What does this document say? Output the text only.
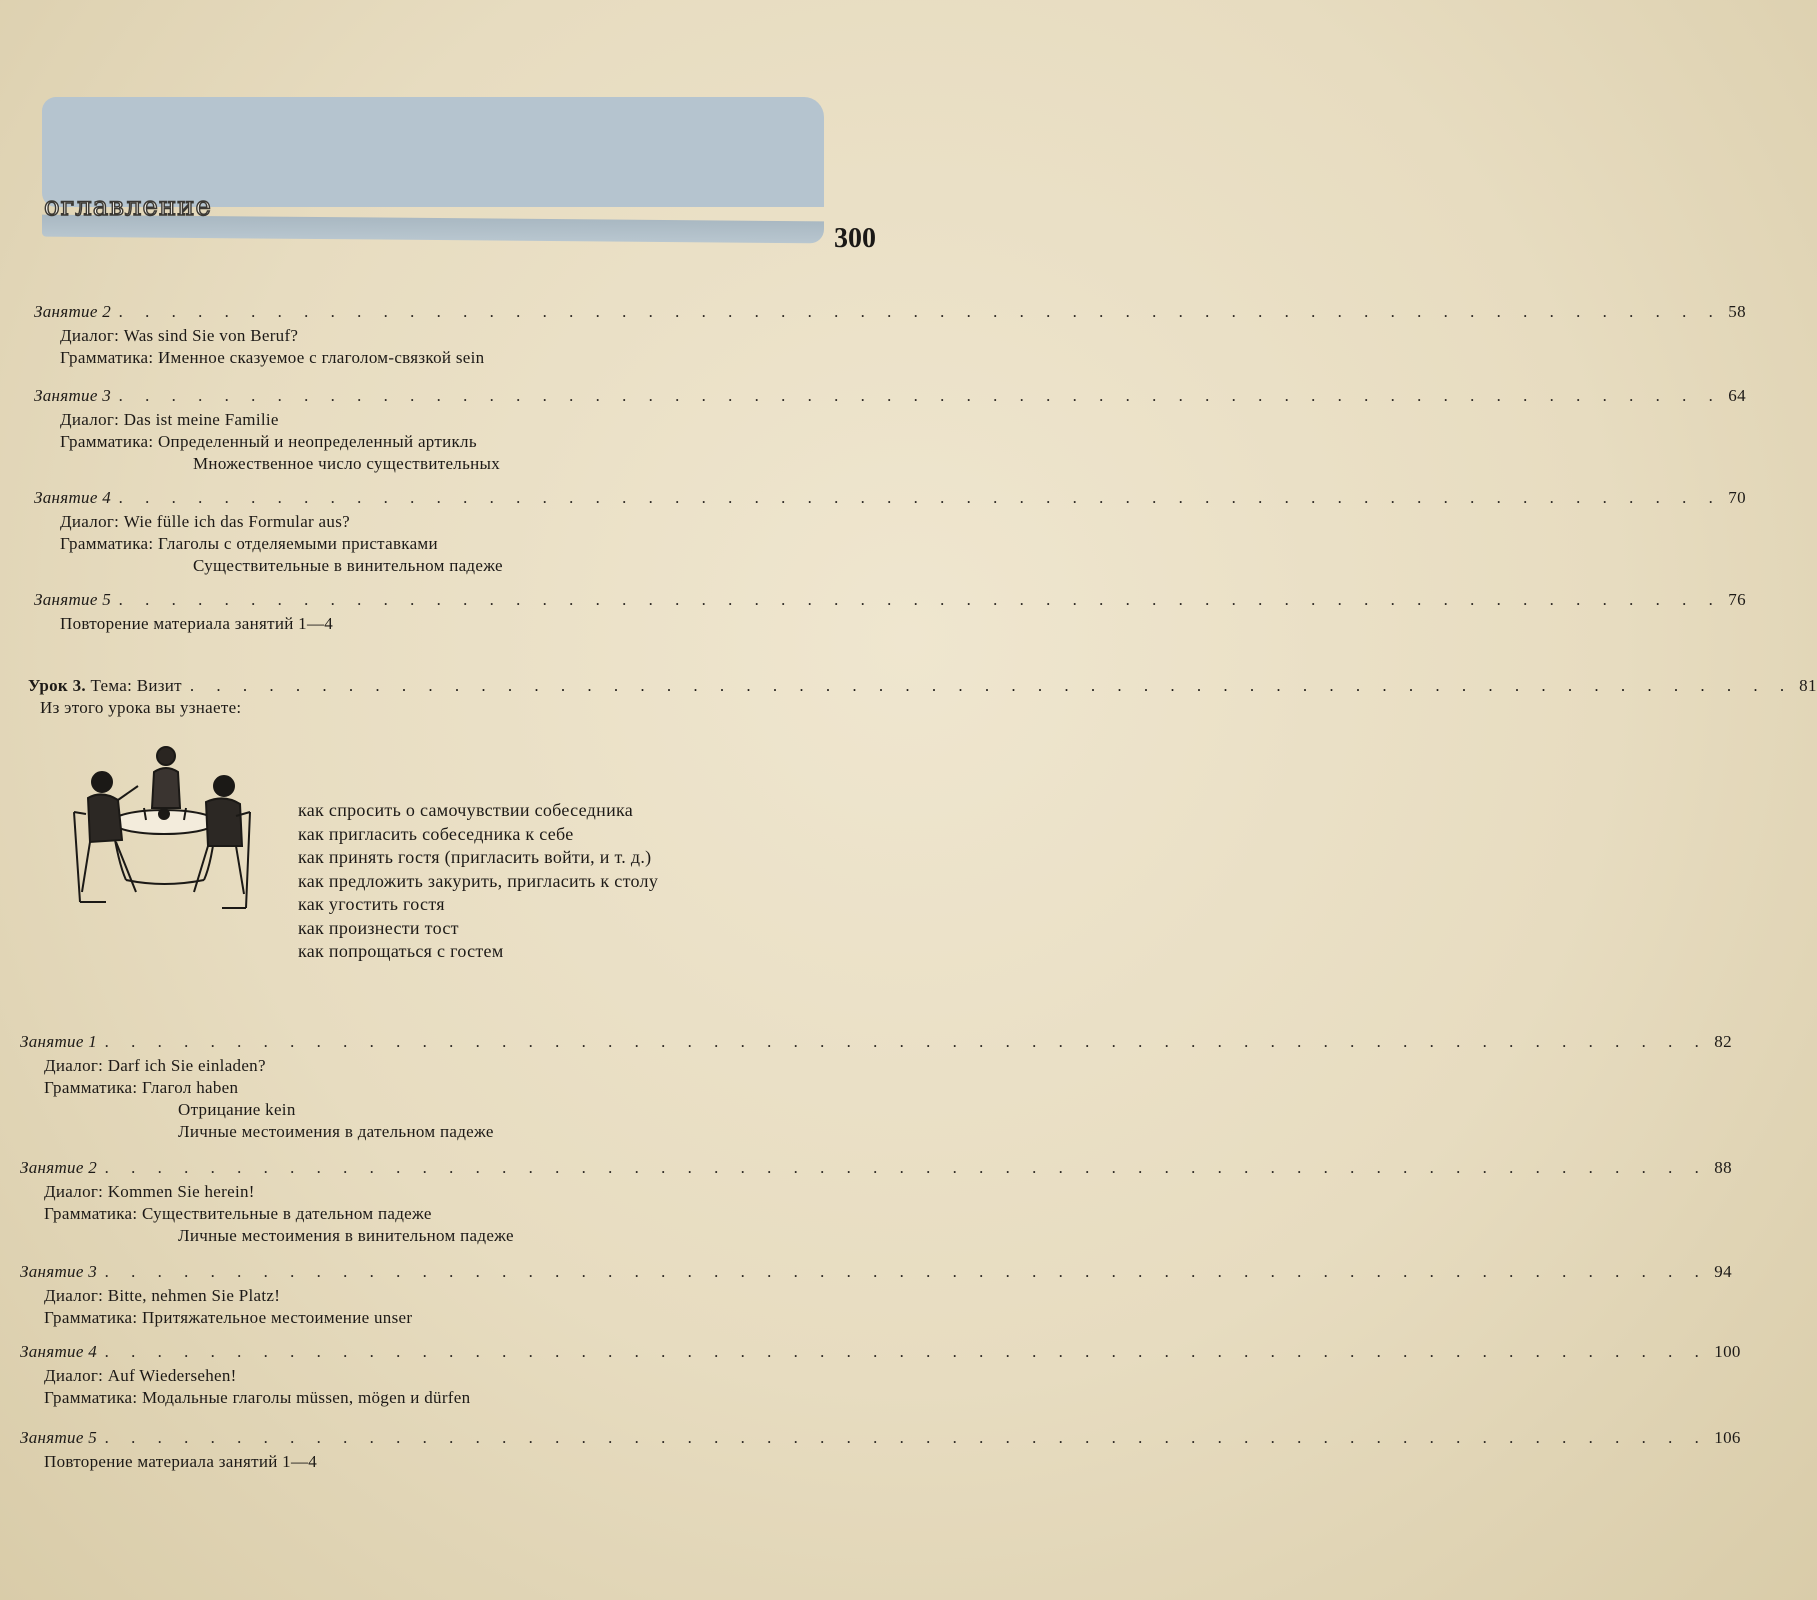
оглавление
300
Занятие 2 . . . . . . . . . . . . . . . . . . . . . . . . . . . . . . . . . . . . . . . . . . . . . . . . . . . . . . . . . . . . . 58
Диалог: Was sind Sie von Beruf?
Грамматика: Именное сказуемое с глаголом-связкой sein
Занятие 3 . . . . . . . . . . . . . . . . . . . . . . . . . . . . . . . . . . . . . . . . . . . . . . . . . . . . . . . . . . . . . 64
Диалог: Das ist meine Familie
Грамматика: Определенный и неопределенный артикль
Множественное число существительных
Занятие 4 . . . . . . . . . . . . . . . . . . . . . . . . . . . . . . . . . . . . . . . . . . . . . . . . . . . . . . . . . . . . . 70
Диалог: Wie fülle ich das Formular aus?
Грамматика: Глаголы с отделяемыми приставками
Существительные в винительном падеже
Занятие 5 . . . . . . . . . . . . . . . . . . . . . . . . . . . . . . . . . . . . . . . . . . . . . . . . . . . . . . . . . . . . . 76
Повторение материала занятий 1—4
Занятие 1 . . . . . . . . . . . . . . . . . . . . . . . . . . . . . . . . . . . . . . . . . . . . . . . . . . . . . . . . . . . . . 82
Диалог: Darf ich Sie einladen?
Грамматика: Глагол haben
Отрицание kein
Личные местоимения в дательном падеже
Занятие 2 . . . . . . . . . . . . . . . . . . . . . . . . . . . . . . . . . . . . . . . . . . . . . . . . . . . . . . . . . . . . . 88
Диалог: Kommen Sie herein!
Грамматика: Существительные в дательном падеже
Личные местоимения в винительном падеже
Занятие 3 . . . . . . . . . . . . . . . . . . . . . . . . . . . . . . . . . . . . . . . . . . . . . . . . . . . . . . . . . . . . . 94
Диалог: Bitte, nehmen Sie Platz!
Грамматика: Притяжательное местоимение unser
Занятие 4 . . . . . . . . . . . . . . . . . . . . . . . . . . . . . . . . . . . . . . . . . . . . . . . . . . . . . . . . . . . . . 100
Диалог: Auf Wiedersehen!
Грамматика: Модальные глаголы müssen, mögen и dürfen
Занятие 5 . . . . . . . . . . . . . . . . . . . . . . . . . . . . . . . . . . . . . . . . . . . . . . . . . . . . . . . . . . . . . 106
Повторение материала занятий 1—4
Урок 3. Тема: Визит . . . . . . . . . . . . . . . . . . . . . . . . . . . . . . . . . . . . . . . . . . . . . . . . . . . . . . . . . . . . . 81
Из этого урока вы узнаете:
как спросить о самочувствии собеседника
как пригласить собеседника к себе
как принять гостя (пригласить войти, и т. д.)
как предложить закурить, пригласить к столу
как угостить гостя
как произнести тост
как попрощаться с гостем
